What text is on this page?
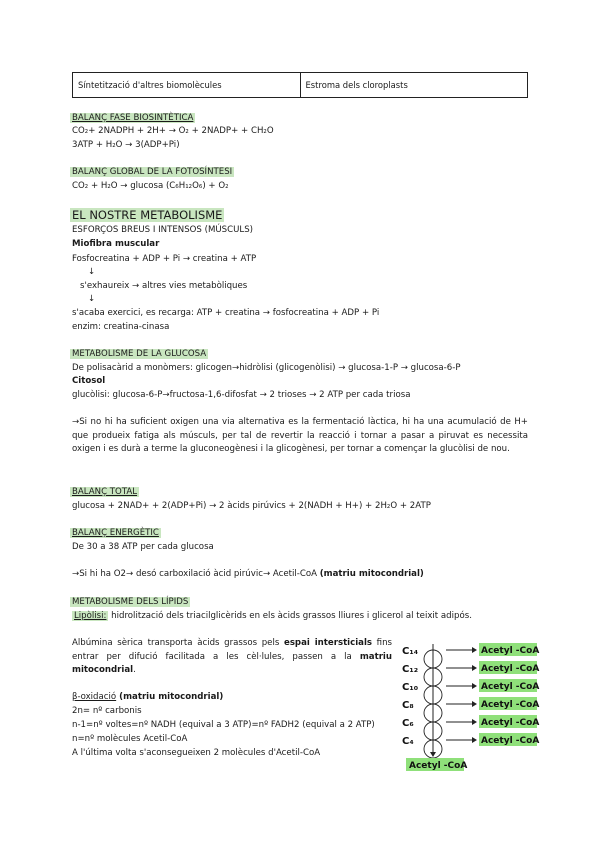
Síntetització d'altres biomolècules	Estroma dels cloroplasts
BALANÇ FASE BIOSINTÈTICA
CO₂+ 2NADPH + 2H+ → O₂ + 2NADP+ + CH₂O
3ATP + H₂O → 3(ADP+Pi)
BALANÇ GLOBAL DE LA FOTOSÍNTESI
CO₂ + H₂O → glucosa (C₆H₁₂O₆) + O₂
EL NOSTRE METABOLISME
ESFORÇOS BREUS I INTENSOS (MÚSCULS)
Miofibra muscular
Fosfocreatina + ADP + Pi → creatina + ATP
↓
s'exhaureix → altres vies metabòliques
↓
s'acaba exercici, es recarga: ATP + creatina → fosfocreatina + ADP + Pi
enzim: creatina-cinasa
METABOLISME DE LA GLUCOSA
De polisacàrid a monòmers: glicogen→hidròlisi (glicogenòlisi) → glucosa-1-P → glucosa-6-P
Citosol
glucòlisi: glucosa-6-P→fructosa-1,6-difosfat → 2 trioses → 2 ATP per cada triosa
→Si no hi ha suficient oxigen una via alternativa es la fermentació làctica, hi ha una acumulació de H+ que produeix fatiga als músculs, per tal de revertir la reacció i tornar a pasar a piruvat es necessita oxigen i es durà a terme la gluconeogènesi i la glicogènesi, per tornar a començar la glucòlisi de nou.
BALANÇ TOTAL
glucosa + 2NAD+ + 2(ADP+Pi) → 2 àcids pirúvics + 2(NADH + H+) + 2H₂O + 2ATP
BALANÇ ENERGÈTIC
De 30 a 38 ATP per cada glucosa
→Si hi ha O2→ desó carboxilació àcid pirúvic→ Acetil-CoA (matriu mitocondrial)
METABOLISME DELS LÍPIDS
Lipòlisi: hidrolització dels triacilglicèrids en els àcids grassos lliures i glicerol al teixit adipós.
Albúmina sèrica transporta àcids grassos pels espai intersticials fins entrar per difució facilitada a les cèl·lules, passen a la matriu mitocondrial.
β-oxidació (matriu mitocondrial)
2n= nº carbonis
n-1=nº voltes=nº NADH (equival a 3 ATP)=nº FADH2 (equival a 2 ATP)
n=nº molècules Acetil-CoA
A l'última volta s'aconsegueixen 2 molècules d'Acetil-CoA
C₁₄	Acetyl -CoA
C₁₂	Acetyl -CoA
C₁₀	Acetyl -CoA
C₈	Acetyl -CoA
C₆	Acetyl -CoA
C₄	Acetyl -CoA
Acetyl -CoA
